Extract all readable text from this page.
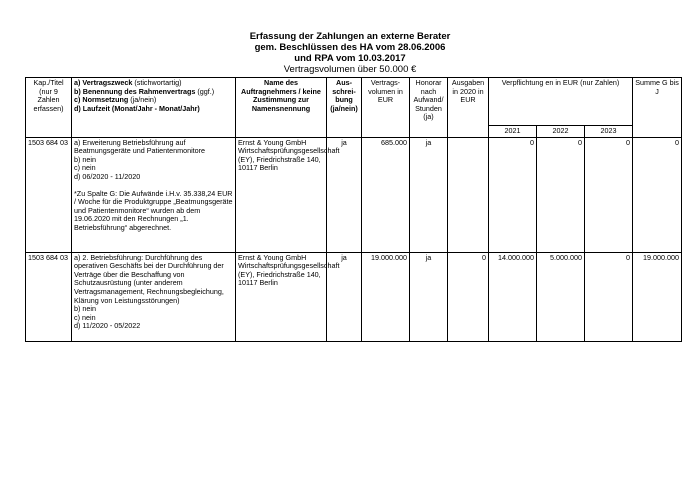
Erfassung der Zahlungen an externe Berater
gem. Beschlüssen des HA vom 28.06.2006
und RPA vom 10.03.2017
Vertragsvolumen über 50.000 €
Kap./Titel (nur 9 Zahlen erfassen)	a) Vertragszweck (stichwortartig)
b) Benennung des Rahmenvertrags (ggf.)
c) Normsetzung (ja/nein)
d) Laufzeit (Monat/Jahr - Monat/Jahr)	Name des Auftragnehmers / keine Zustimmung zur Namensnennung	Aus-schrei-bung (ja/nein)	Vertrags-volumen in EUR	Honorar nach Aufwand/ Stunden (ja)	Ausgaben in 2020 in EUR	Verpflichtung en in EUR (nur Zahlen)			Summe G bis J
							2021	2022	2023	
1503 684 03	a) Erweiterung Betriebsführung auf Beatmungsgeräte und Patientenmonitore
b) nein
c) nein
d) 06/2020 - 11/2020
*Zu Spalte G: Die Aufwände i.H.v. 35.338,24 EUR / Woche für die Produktgruppe „Beatmungsgeräte und Patientenmonitore“ wurden ab dem 19.06.2020 mit den Rechnungen „1. Betriebsführung“ abgerechnet.	Ernst & Young GmbH Wirtschaftsprüfungsgesellschaft (EY), Friedrichstraße 140, 10117 Berlin	ja	685.000	ja		0	0	0	0
1503 684 03	a) 2. Betriebsführung: Durchführung des operativen Geschäfts bei der Durchführung der Verträge über die Beschaffung von Schutzausrüstung (unter anderem Vertragsmanagement, Rechnungsbegleichung, Klärung von Leistungsstörungen)
b) nein
c) nein
d) 11/2020 - 05/2022	Ernst & Young GmbH Wirtschaftsprüfungsgesellschaft (EY), Friedrichstraße 140, 10117 Berlin	ja	19.000.000	ja	0	14.000.000	5.000.000	0	19.000.000
